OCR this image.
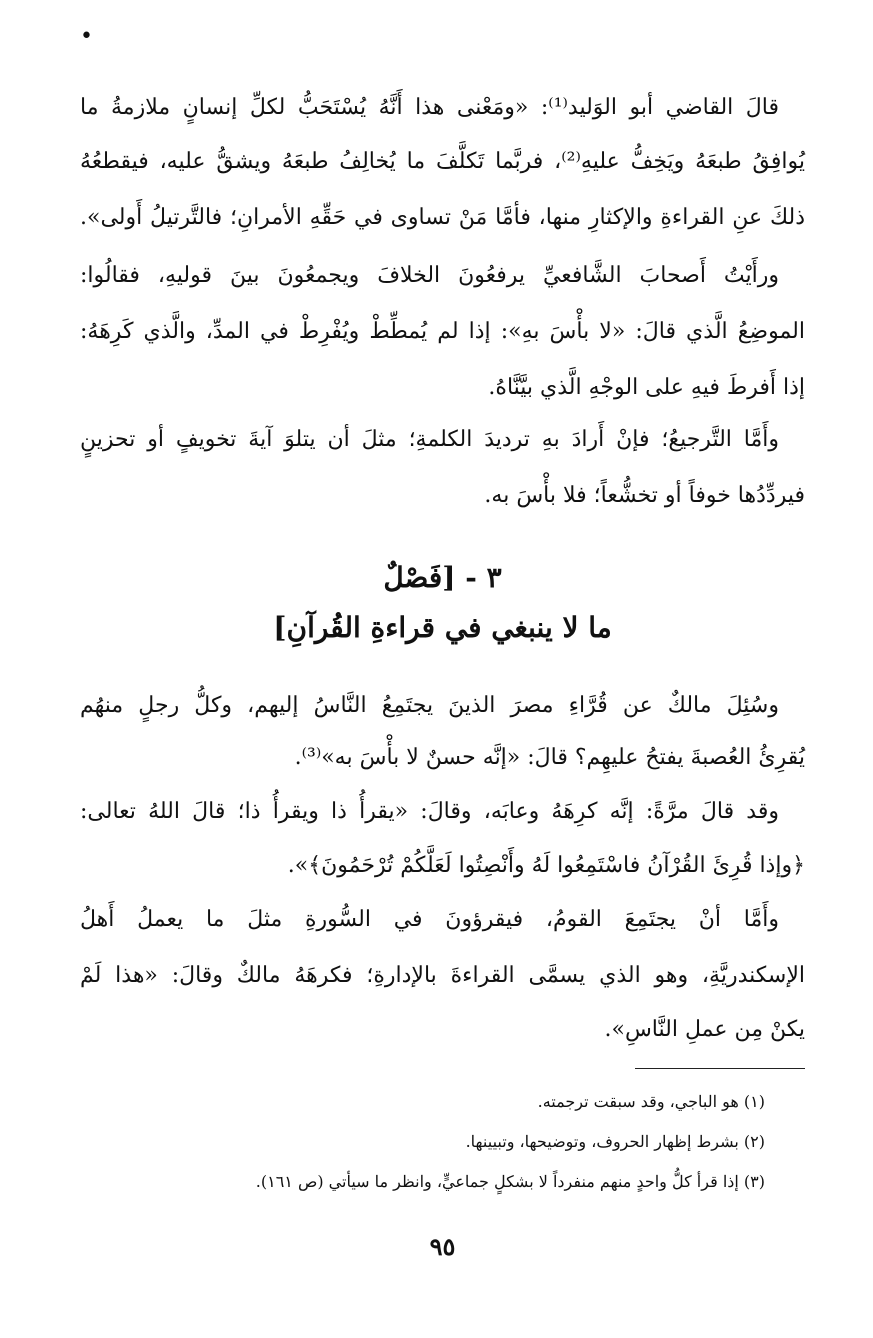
•
قالَ القاضي أبو الوَليد⁽¹⁾: «ومَعْنى هذا أَنَّهُ يُسْتَحَبُّ لكلِّ إنسانٍ ملازمةُ ما
يُوافِقُ طبعَهُ ويَخِفُّ عليهِ⁽²⁾، فربَّما تَكلَّفَ ما يُخالِفُ طبعَهُ ويشقُّ عليه، فيقطعُهُ
ذلكَ عنِ القراءةِ والإكثارِ منها، فأمَّا مَنْ تساوى في حَقِّهِ الأمرانِ؛ فالتَّرتيلُ أَولى».
ورأَيْتُ أَصحابَ الشَّافعيِّ يرفعُونَ الخلافَ ويجمعُونَ بينَ قوليهِ، فقالُوا:
الموضِعُ الَّذي قالَ: «لا بأْسَ بهِ»: إذا لم يُمطِّطْ ويُفْرِطْ في المدِّ، والَّذي كَرِهَهُ:
إذا أَفرطَ فيهِ على الوجْهِ الَّذي بيَّنَّاهُ.
وأَمَّا التَّرجيعُ؛ فإنْ أَرادَ بهِ ترديدَ الكلمةِ؛ مثلَ أن يتلوَ آيةَ تخويفٍ أو تحزينٍ
فيردِّدُها خوفاً أو تخشُّعاً؛ فلا بأْسَ به.
٣ - [فَصْلٌ
ما لا ينبغي في قراءةِ القُرآنِ]
وسُئِلَ مالكٌ عن قُرَّاءِ مصرَ الذينَ يجتَمِعُ النَّاسُ إليهم، وكلُّ رجلٍ منهُم
يُقرِئُ العُصبةَ يفتحُ عليهِم؟ قالَ: «إنَّه حسنٌ لا بأْسَ به»⁽³⁾.
وقد قالَ مرَّةً: إنَّه كرِهَهُ وعابَه، وقالَ: «يقرأُ ذا ويقرأُ ذا؛ قالَ اللهُ تعالى:
﴿وإذا قُرِئَ القُرْآنُ فاسْتَمِعُوا لَهُ وأَنْصِتُوا لَعَلَّكُمْ تُرْحَمُونَ﴾».
وأَمَّا أنْ يجتَمِعَ القومُ، فيقرؤونَ في السُّورةِ مثلَ ما يعملُ أَهلُ
الإسكندريَّةِ، وهو الذي يسمَّى القراءةَ بالإدارةِ؛ فكرهَهُ مالكٌ وقالَ: «هذا لَمْ
يكنْ مِن عملِ النَّاسِ».
(١) هو الباجي، وقد سبقت ترجمته.
(٢) بشرط إظهار الحروف، وتوضيحها، وتبيينها.
(٣) إذا قرأ كلُّ واحدٍ منهم منفرداً لا بشكلٍ جماعيٍّ، وانظر ما سيأتي (ص ١٦١).
٩٥
